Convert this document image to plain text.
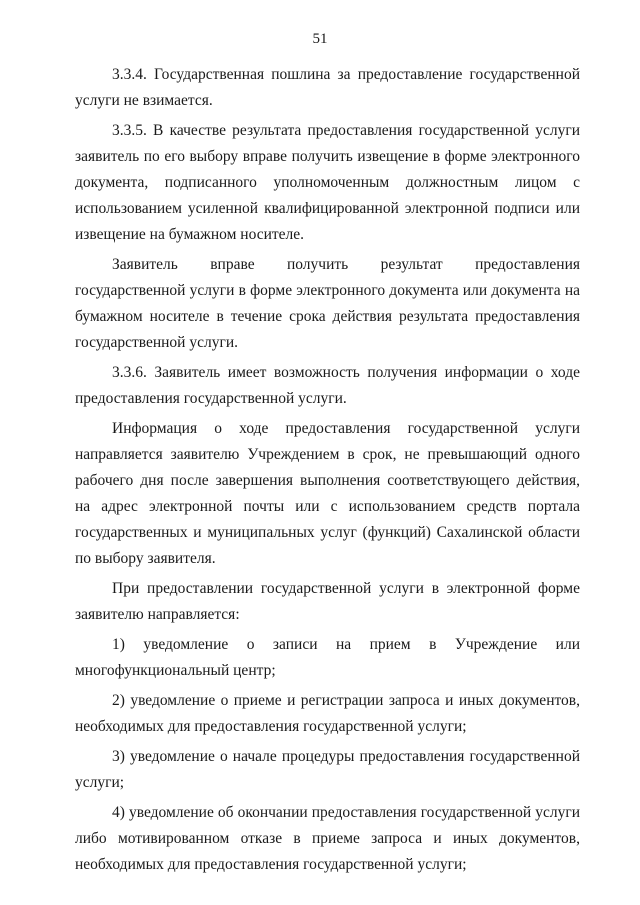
51

3.3.4. Государственная пошлина за предоставление государственной услуги не взимается.

3.3.5. В качестве результата предоставления государственной услуги заявитель по его выбору вправе получить извещение в форме электронного документа, подписанного уполномоченным должностным лицом с использованием усиленной квалифицированной электронной подписи или извещение на бумажном носителе.

Заявитель вправе получить результат предоставления государственной услуги в форме электронного документа или документа на бумажном носителе в течение срока действия результата предоставления государственной услуги.

3.3.6. Заявитель имеет возможность получения информации о ходе предоставления государственной услуги.

Информация о ходе предоставления государственной услуги направляется заявителю Учреждением в срок, не превышающий одного рабочего дня после завершения выполнения соответствующего действия, на адрес электронной почты или с использованием средств портала государственных и муниципальных услуг (функций) Сахалинской области по выбору заявителя.

При предоставлении государственной услуги в электронной форме заявителю направляется:

1) уведомление о записи на прием в Учреждение или многофункциональный центр;

2) уведомление о приеме и регистрации запроса и иных документов, необходимых для предоставления государственной услуги;

3) уведомление о начале процедуры предоставления государственной услуги;

4) уведомление об окончании предоставления государственной услуги либо мотивированном отказе в приеме запроса и иных документов, необходимых для предоставления государственной услуги;
